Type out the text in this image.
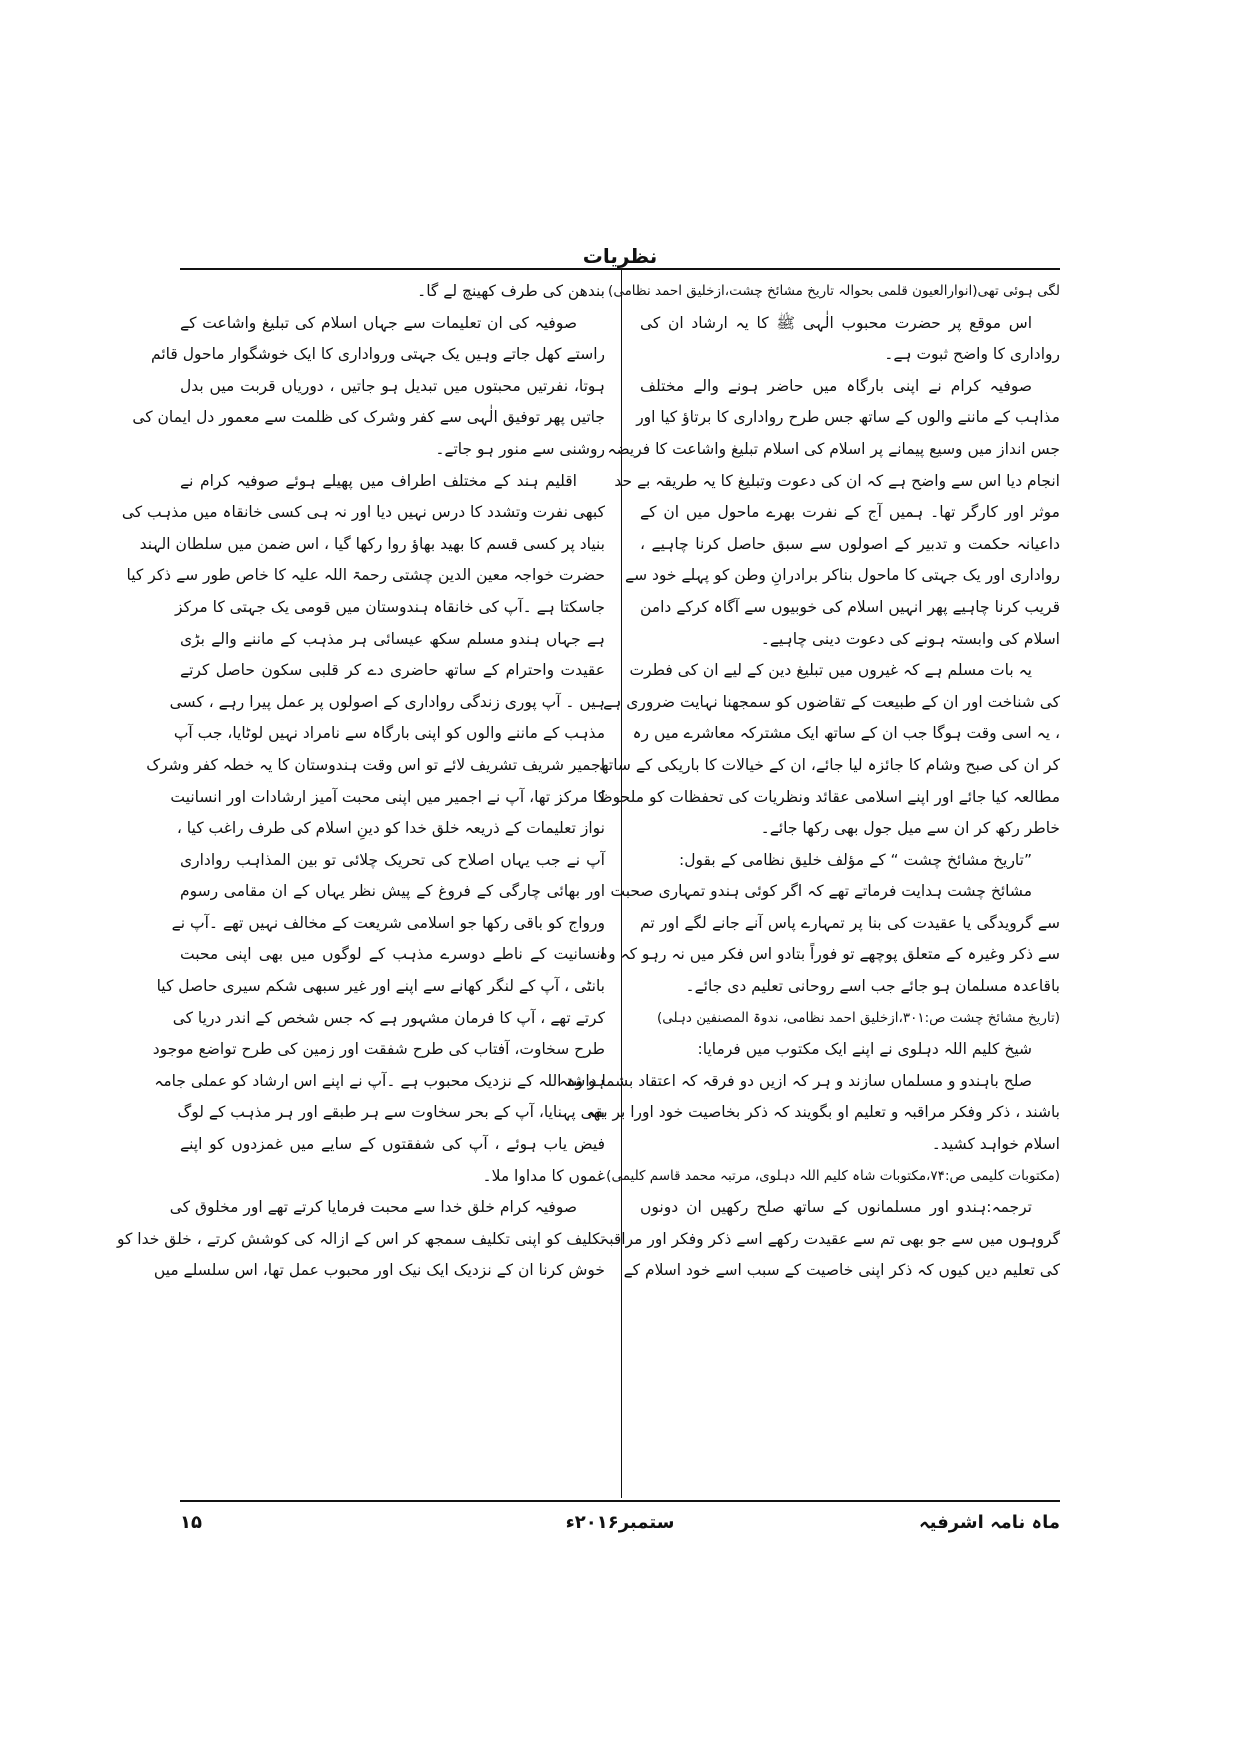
نظریات
لگی ہوئی تھی(انوارالعیون قلمی بحوالہ تاریخ مشائخ چشت،ازخلیق احمد نظامی)
اس موقع پر حضرت محبوب الٰہی ﷺ کا یہ ارشاد ان کی
رواداری کا واضح ثبوت ہے۔
صوفیہ کرام نے اپنی بارگاہ میں حاضر ہونے والے مختلف
مذاہب کے ماننے والوں کے ساتھ جس طرح رواداری کا برتاؤ کیا اور
جس انداز میں وسیع پیمانے پر اسلام کی اسلام تبلیغ واشاعت کا فریضہ
انجام دیا اس سے واضح ہے کہ ان کی دعوت وتبلیغ کا یہ طریقہ بے حد
موثر اور کارگر تھا۔ ہمیں آج کے نفرت بھرے ماحول میں ان کے
داعیانہ حکمت و تدبیر کے اصولوں سے سبق حاصل کرنا چاہیے ،
رواداری اور یک جہتی کا ماحول بناکر برادرانِ وطن کو پہلے خود سے
قریب کرنا چاہیے پھر انہیں اسلام کی خوبیوں سے آگاہ کرکے دامن
اسلام کی وابستہ ہونے کی دعوت دینی چاہیے۔
یہ بات مسلم ہے کہ غیروں میں تبلیغ دین کے لیے ان کی فطرت
کی شناخت اور ان کے طبیعت کے تقاضوں کو سمجھنا نہایت ضروری ہے
، یہ اسی وقت ہوگا جب ان کے ساتھ ایک مشترکہ معاشرے میں رہ
کر ان کی صبح وشام کا جائزہ لیا جائے، ان کے خیالات کا باریکی کے ساتھ
مطالعہ کیا جائے اور اپنے اسلامی عقائد ونظریات کی تحفظات کو ملحوظ
خاطر رکھ کر ان سے میل جول بھی رکھا جائے۔
”تاریخ مشائخ چشت “ کے مؤلف خلیق نظامی کے بقول:
مشائخ چشت ہدایت فرماتے تھے کہ اگر کوئی ہندو تمہاری صحبت
سے گرویدگی یا عقیدت کی بنا پر تمہارے پاس آنے جانے لگے اور تم
سے ذکر وغیرہ کے متعلق پوچھے تو فوراً بتادو اس فکر میں نہ رہو کہ وہ
باقاعدہ مسلمان ہو جائے جب اسے روحانی تعلیم دی جائے۔
(تاریخ مشائخ چشت ص:۳۰۱،ازخلیق احمد نظامی، ندوۃ المصنفین دہلی)
شیخ کلیم اللہ دہلوی نے اپنے ایک مکتوب میں فرمایا:
صلح باہندو و مسلماں سازند و ہر کہ ازیں دو فرقہ کہ اعتقاد بشما داشتہ
باشند ، ذکر وفکر مراقبہ و تعلیم او بگویند کہ ذکر بخاصیت خود اورا بر بقہ
اسلام خواہد کشید۔
(مکتوبات کلیمی ص:۷۴،مکتوبات شاہ کلیم اللہ دہلوی، مرتبہ محمد قاسم کلیمی)
ترجمہ:ہندو اور مسلمانوں کے ساتھ صلح رکھیں ان دونوں
گروہوں میں سے جو بھی تم سے عقیدت رکھے اسے ذکر وفکر اور مراقبہ
کی تعلیم دیں کیوں کہ ذکر اپنی خاصیت کے سبب اسے خود اسلام کے
بندھن کی طرف کھینچ لے گا۔
صوفیہ کی ان تعلیمات سے جہاں اسلام کی تبلیغ واشاعت کے
راستے کھل جاتے وہیں یک جہتی ورواداری کا ایک خوشگوار ماحول قائم
ہوتا، نفرتیں محبتوں میں تبدیل ہو جاتیں ، دوریاں قربت میں بدل
جاتیں پھر توفیق الٰہی سے کفر وشرک کی ظلمت سے معمور دل ایمان کی
روشنی سے منور ہو جاتے۔
اقلیم ہند کے مختلف اطراف میں پھیلے ہوئے صوفیہ کرام نے
کبھی نفرت وتشدد کا درس نہیں دیا اور نہ ہی کسی خانقاہ میں مذہب کی
بنیاد پر کسی قسم کا بھید بھاؤ روا رکھا گیا ، اس ضمن میں سلطان الہند
حضرت خواجہ معین الدین چشتی رحمۃ اللہ علیہ کا خاص طور سے ذکر کیا
جاسکتا ہے ۔آپ کی خانقاہ ہندوستان میں قومی یک جہتی کا مرکز
ہے جہاں ہندو مسلم سکھ عیسائی ہر مذہب کے ماننے والے بڑی
عقیدت واحترام کے ساتھ حاضری دے کر قلبی سکون حاصل کرتے
ہیں ۔ آپ پوری زندگی رواداری کے اصولوں پر عمل پیرا رہے ، کسی
مذہب کے ماننے والوں کو اپنی بارگاہ سے نامراد نہیں لوٹایا، جب آپ
اجمیر شریف تشریف لائے تو اس وقت ہندوستان کا یہ خطہ کفر وشرک
کا مرکز تھا، آپ نے اجمیر میں اپنی محبت آمیز ارشادات اور انسانیت
نواز تعلیمات کے ذریعہ خلق خدا کو دینِ اسلام کی طرف راغب کیا ،
آپ نے جب یہاں اصلاح کی تحریک چلائی تو بین المذاہب رواداری
اور بھائی چارگی کے فروغ کے پیش نظر یہاں کے ان مقامی رسوم
ورواج کو باقی رکھا جو اسلامی شریعت کے مخالف نہیں تھے ۔آپ نے
انسانیت کے ناطے دوسرے مذہب کے لوگوں میں بھی اپنی محبت
بانٹی ، آپ کے لنگر کھانے سے اپنے اور غیر سبھی شکم سیری حاصل کیا
کرتے تھے ، آپ کا فرمان مشہور ہے کہ جس شخص کے اندر دریا کی
طرح سخاوت، آفتاب کی طرح شفقت اور زمین کی طرح تواضع موجود
ہو وہ اللہ کے نزدیک محبوب ہے ۔آپ نے اپنے اس ارشاد کو عملی جامہ
بھی پہنایا، آپ کے بحر سخاوت سے ہر طبقے اور ہر مذہب کے لوگ
فیض یاب ہوئے ، آپ کی شفقتوں کے سایے میں غمزدوں کو اپنے
غموں کا مداوا ملا۔
صوفیہ کرام خلق خدا سے محبت فرمایا کرتے تھے اور مخلوق کی
تکلیف کو اپنی تکلیف سمجھ کر اس کے ازالہ کی کوشش کرتے ، خلق خدا کو
خوش کرنا ان کے نزدیک ایک نیک اور محبوب عمل تھا، اس سلسلے میں
ماہ نامہ اشرفیہ
ستمبر۲۰۱۶ء
۱۵
